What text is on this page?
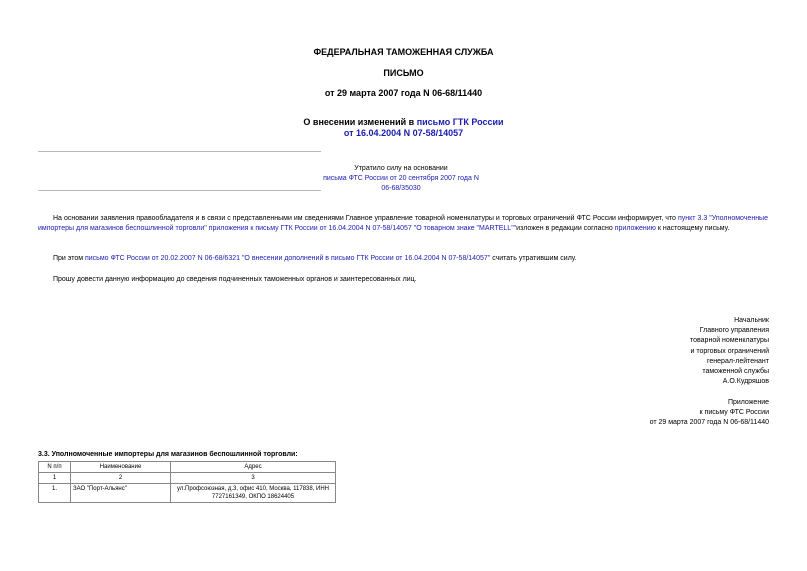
ФЕДЕРАЛЬНАЯ ТАМОЖЕННАЯ СЛУЖБА
ПИСЬМО
от 29 марта 2007 года N 06-68/11440
О внесении изменений в письмо ГТК России
от 16.04.2004 N 07-58/14057
Утратило силу на основании
письма ФТС России от 20 сентября 2007 года N 06-68/35030
На основании заявления правообладателя и в связи с представленными им сведениями Главное управление товарной номенклатуры и торговых ограничений ФТС России информирует, что пункт 3.3 "Уполномоченные импортеры для магазинов беспошлинной торговли" приложения к письму ГТК России от 16.04.2004 N 07-58/14057 "О товарном знаке "MARTELL""изложен в редакции согласно приложению к настоящему письму.
При этом письмо ФТС России от 20.02.2007 N 06-68/6321 "О внесении дополнений в письмо ГТК России от 16.04.2004 N 07-58/14057" считать утратившим силу.
Прошу довести данную информацию до сведения подчиненных таможенных органов и заинтересованных лиц.
Начальник
Главного управления
товарной номенклатуры
и торговых ограничений
генерал-лейтенант
таможенной службы
А.О.Кудряшов
Приложение
к письму ФТС России
от 29 марта 2007 года N 06-68/11440
3.3. Уполномоченные импортеры для магазинов беспошлинной торговли:
N п/п	Наименование	Адрес
1	2	3
1.	ЗАО "Порт-Альянс"	ул.Профсоюзная, д.3, офис 410, Москва, 117838, ИНН 7727161349, ОКПО 18624405
